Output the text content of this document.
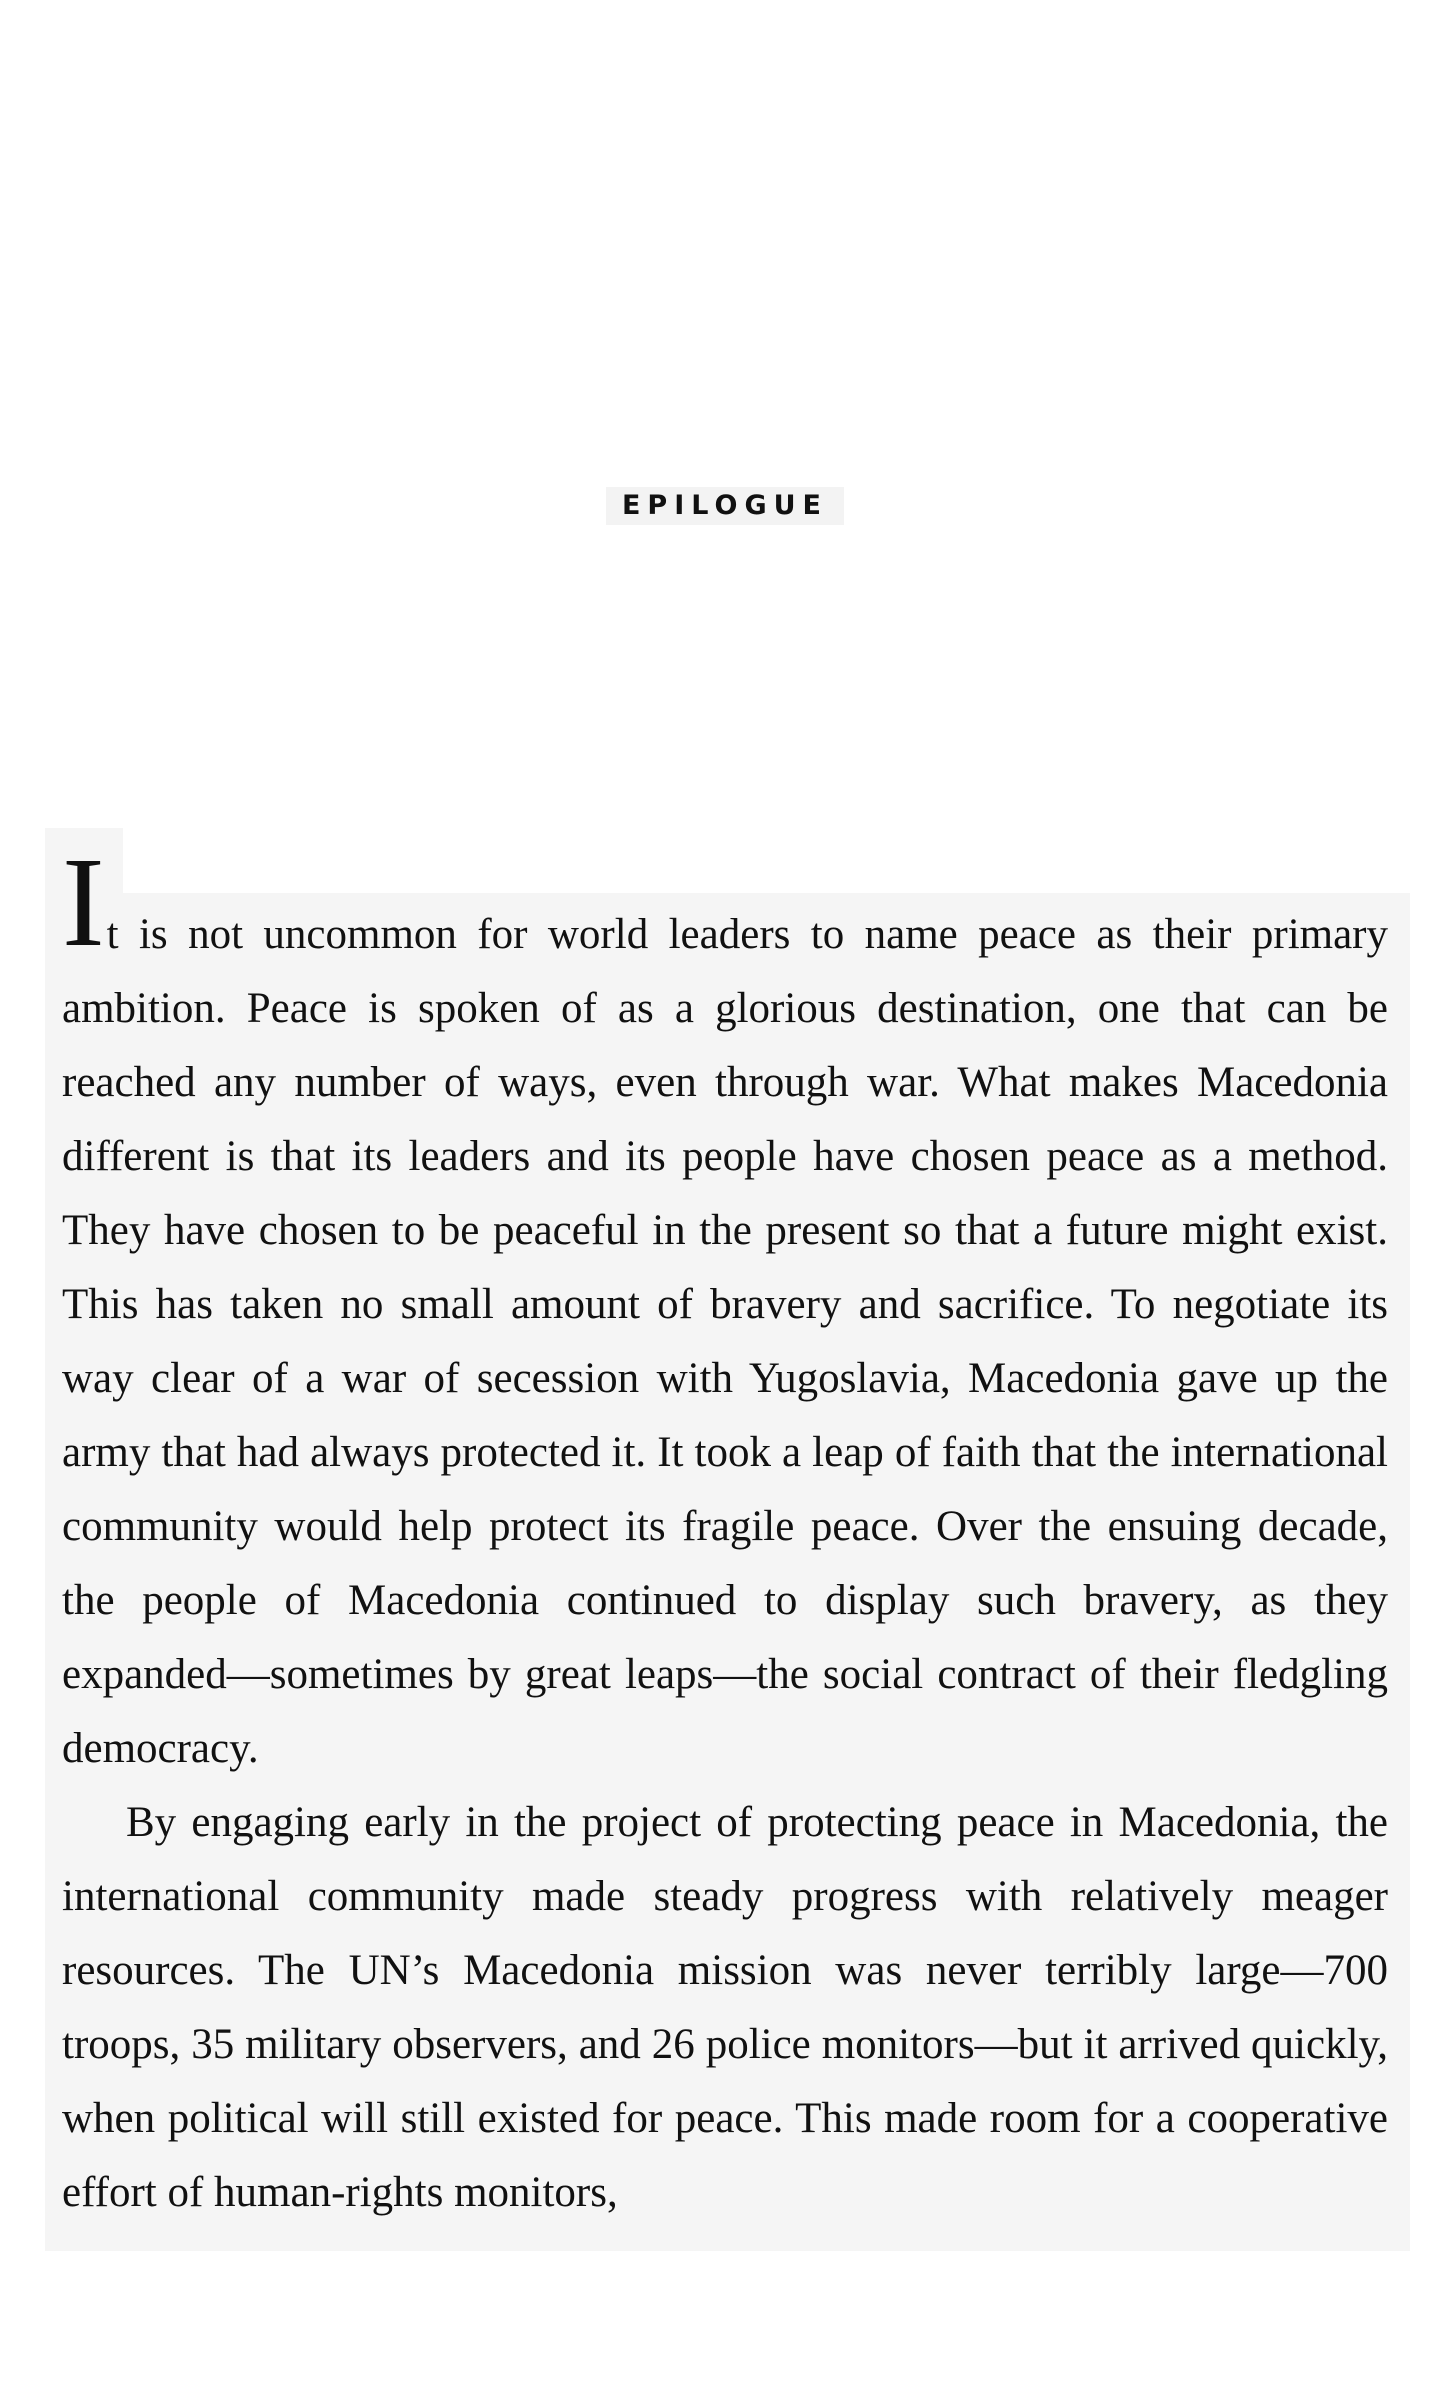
EPILOGUE

It is not uncommon for world leaders to name peace as their primary ambition. Peace is spoken of as a glorious destination, one that can be reached any number of ways, even through war. What makes Macedonia different is that its leaders and its people have chosen peace as a method. They have chosen to be peaceful in the present so that a future might exist. This has taken no small amount of bravery and sacrifice. To negotiate its way clear of a war of secession with Yugoslavia, Macedonia gave up the army that had always protected it. It took a leap of faith that the international community would help protect its fragile peace. Over the ensuing decade, the people of Macedonia continued to display such bravery, as they expanded—sometimes by great leaps—the social contract of their fledgling democracy.

By engaging early in the project of protecting peace in Macedonia, the international community made steady progress with relatively meager resources. The UN’s Macedonia mission was never terribly large—700 troops, 35 military observers, and 26 police monitors—but it arrived quickly, when political will still existed for peace. This made room for a cooperative effort of human-rights monitors,
